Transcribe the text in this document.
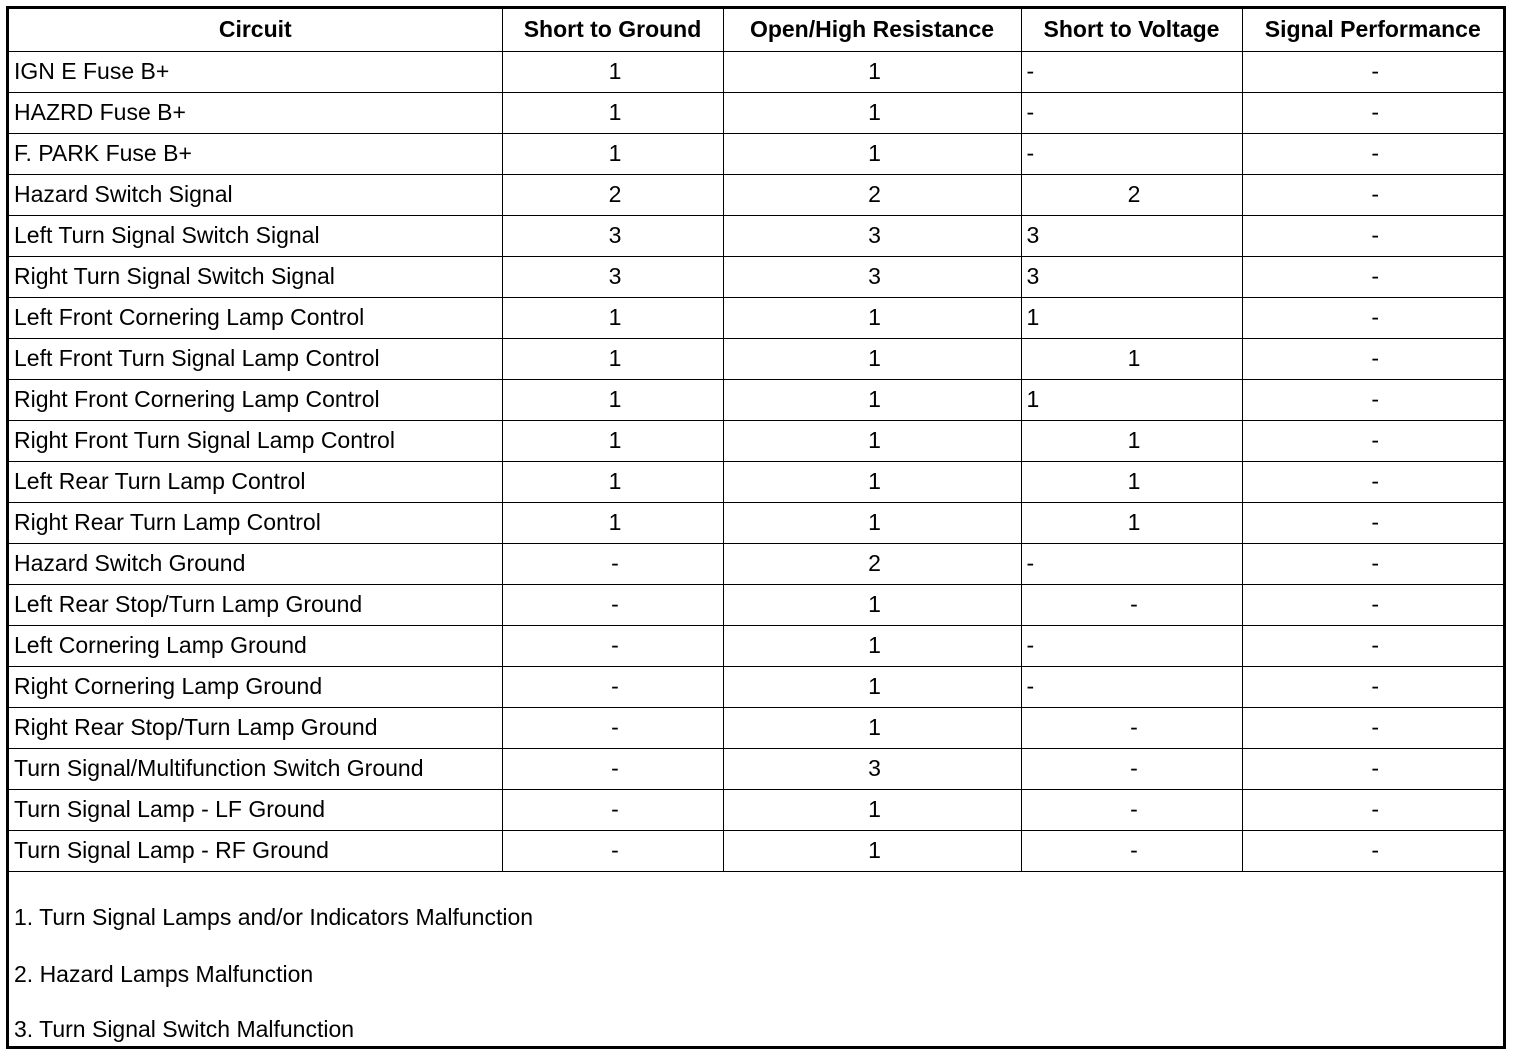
Circuit	Short to Ground	Open/High Resistance	Short to Voltage	Signal Performance
IGN E Fuse B+	1	1	-	-
HAZRD Fuse B+	1	1	-	-
F. PARK Fuse B+	1	1	-	-
Hazard Switch Signal	2	2	2	-
Left Turn Signal Switch Signal	3	3	3	-
Right Turn Signal Switch Signal	3	3	3	-
Left Front Cornering Lamp Control	1	1	1	-
Left Front Turn Signal Lamp Control	1	1	1	-
Right Front Cornering Lamp Control	1	1	1	-
Right Front Turn Signal Lamp Control	1	1	1	-
Left Rear Turn Lamp Control	1	1	1	-
Right Rear Turn Lamp Control	1	1	1	-
Hazard Switch Ground	-	2	-	-
Left Rear Stop/Turn Lamp Ground	-	1	-	-
Left Cornering Lamp Ground	-	1	-	-
Right Cornering Lamp Ground	-	1	-	-
Right Rear Stop/Turn Lamp Ground	-	1	-	-
Turn Signal/Multifunction Switch Ground	-	3	-	-
Turn Signal Lamp - LF Ground	-	1	-	-
Turn Signal Lamp - RF Ground	-	1	-	-
1. Turn Signal Lamps and/or Indicators Malfunction
2. Hazard Lamps Malfunction
3. Turn Signal Switch Malfunction
